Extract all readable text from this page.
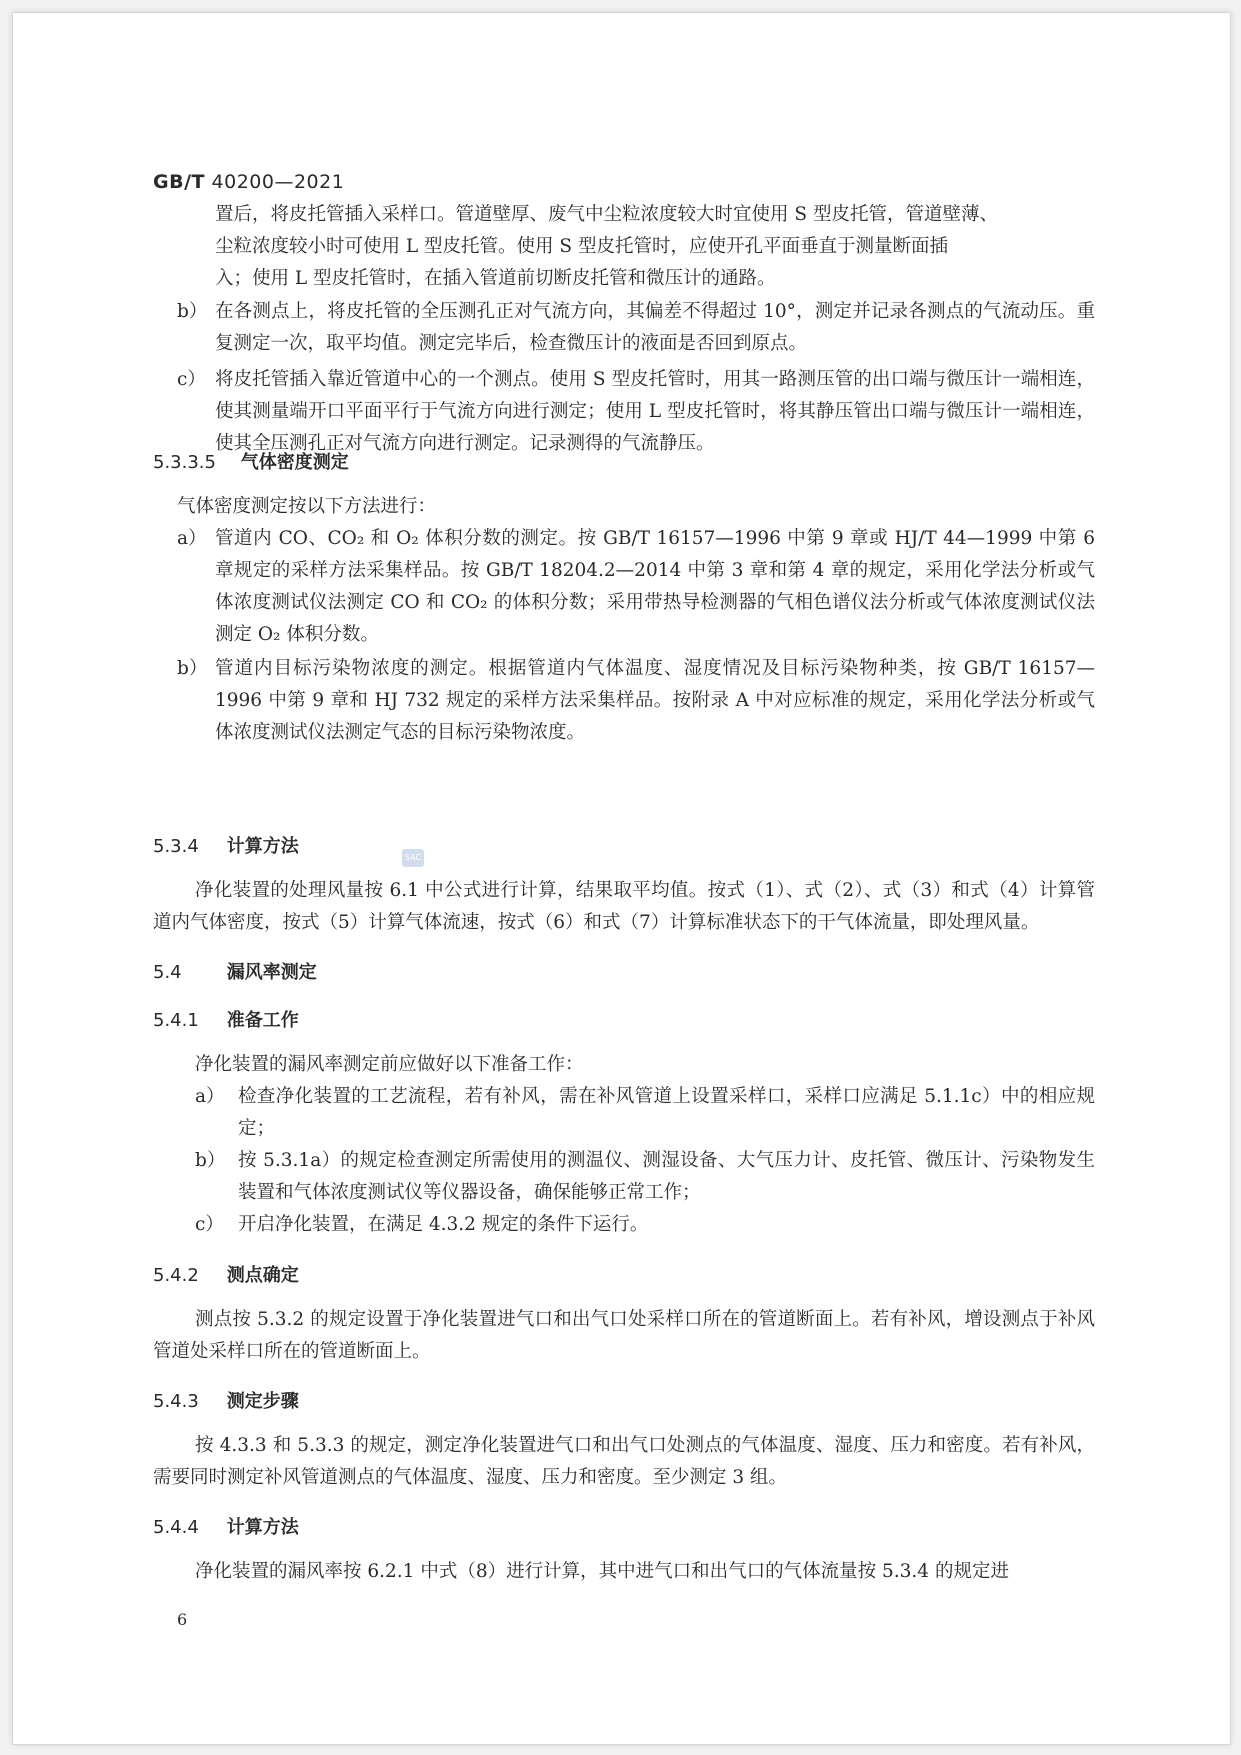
GB/T 40200—2021
置后，将皮托管插入采样口。管道壁厚、废气中尘粒浓度较大时宜使用 S 型皮托管，管道壁薄、
尘粒浓度较小时可使用 L 型皮托管。使用 S 型皮托管时，应使开孔平面垂直于测量断面插
入；使用 L 型皮托管时，在插入管道前切断皮托管和微压计的通路。
b） 在各测点上，将皮托管的全压测孔正对气流方向，其偏差不得超过 10°，测定并记录各测点的气流动压。重复测定一次，取平均值。测定完毕后，检查微压计的液面是否回到原点。
c） 将皮托管插入靠近管道中心的一个测点。使用 S 型皮托管时，用其一路测压管的出口端与微压计一端相连，使其测量端开口平面平行于气流方向进行测定；使用 L 型皮托管时，将其静压管出口端与微压计一端相连，使其全压测孔正对气流方向进行测定。记录测得的气流静压。
5.3.3.5 气体密度测定
气体密度测定按以下方法进行：
a） 管道内 CO、CO₂ 和 O₂ 体积分数的测定。按 GB/T 16157—1996 中第 9 章或 HJ/T 44—1999 中第 6 章规定的采样方法采集样品。按 GB/T 18204.2—2014 中第 3 章和第 4 章的规定，采用化学法分析或气体浓度测试仪法测定 CO 和 CO₂ 的体积分数；采用带热导检测器的气相色谱仪法分析或气体浓度测试仪法测定 O₂ 体积分数。
b） 管道内目标污染物浓度的测定。根据管道内气体温度、湿度情况及目标污染物种类，按 GB/T 16157—1996 中第 9 章和 HJ 732 规定的采样方法采集样品。按附录 A 中对应标准的规定，采用化学法分析或气体浓度测试仪法测定气态的目标污染物浓度。
5.3.4 计算方法
净化装置的处理风量按 6.1 中公式进行计算，结果取平均值。按式（1）、式（2）、式（3）和式（4）计算管道内气体密度，按式（5）计算气体流速，按式（6）和式（7）计算标准状态下的干气体流量，即处理风量。
5.4	漏风率测定
5.4.1 准备工作
净化装置的漏风率测定前应做好以下准备工作：
a） 检查净化装置的工艺流程，若有补风，需在补风管道上设置采样口，采样口应满足 5.1.1c）中的相应规定；
b） 按 5.3.1a）的规定检查测定所需使用的测温仪、测湿设备、大气压力计、皮托管、微压计、污染物发生装置和气体浓度测试仪等仪器设备，确保能够正常工作；
c） 开启净化装置，在满足 4.3.2 规定的条件下运行。
5.4.2 测点确定
测点按 5.3.2 的规定设置于净化装置进气口和出气口处采样口所在的管道断面上。若有补风，增设测点于补风管道处采样口所在的管道断面上。
5.4.3 测定步骤
按 4.3.3 和 5.3.3 的规定，测定净化装置进气口和出气口处测点的气体温度、湿度、压力和密度。若有补风，需要同时测定补风管道测点的气体温度、湿度、压力和密度。至少测定 3 组。
5.4.4 计算方法
净化装置的漏风率按 6.2.1 中式（8）进行计算，其中进气口和出气口的气体流量按 5.3.4 的规定进
SAC
6
